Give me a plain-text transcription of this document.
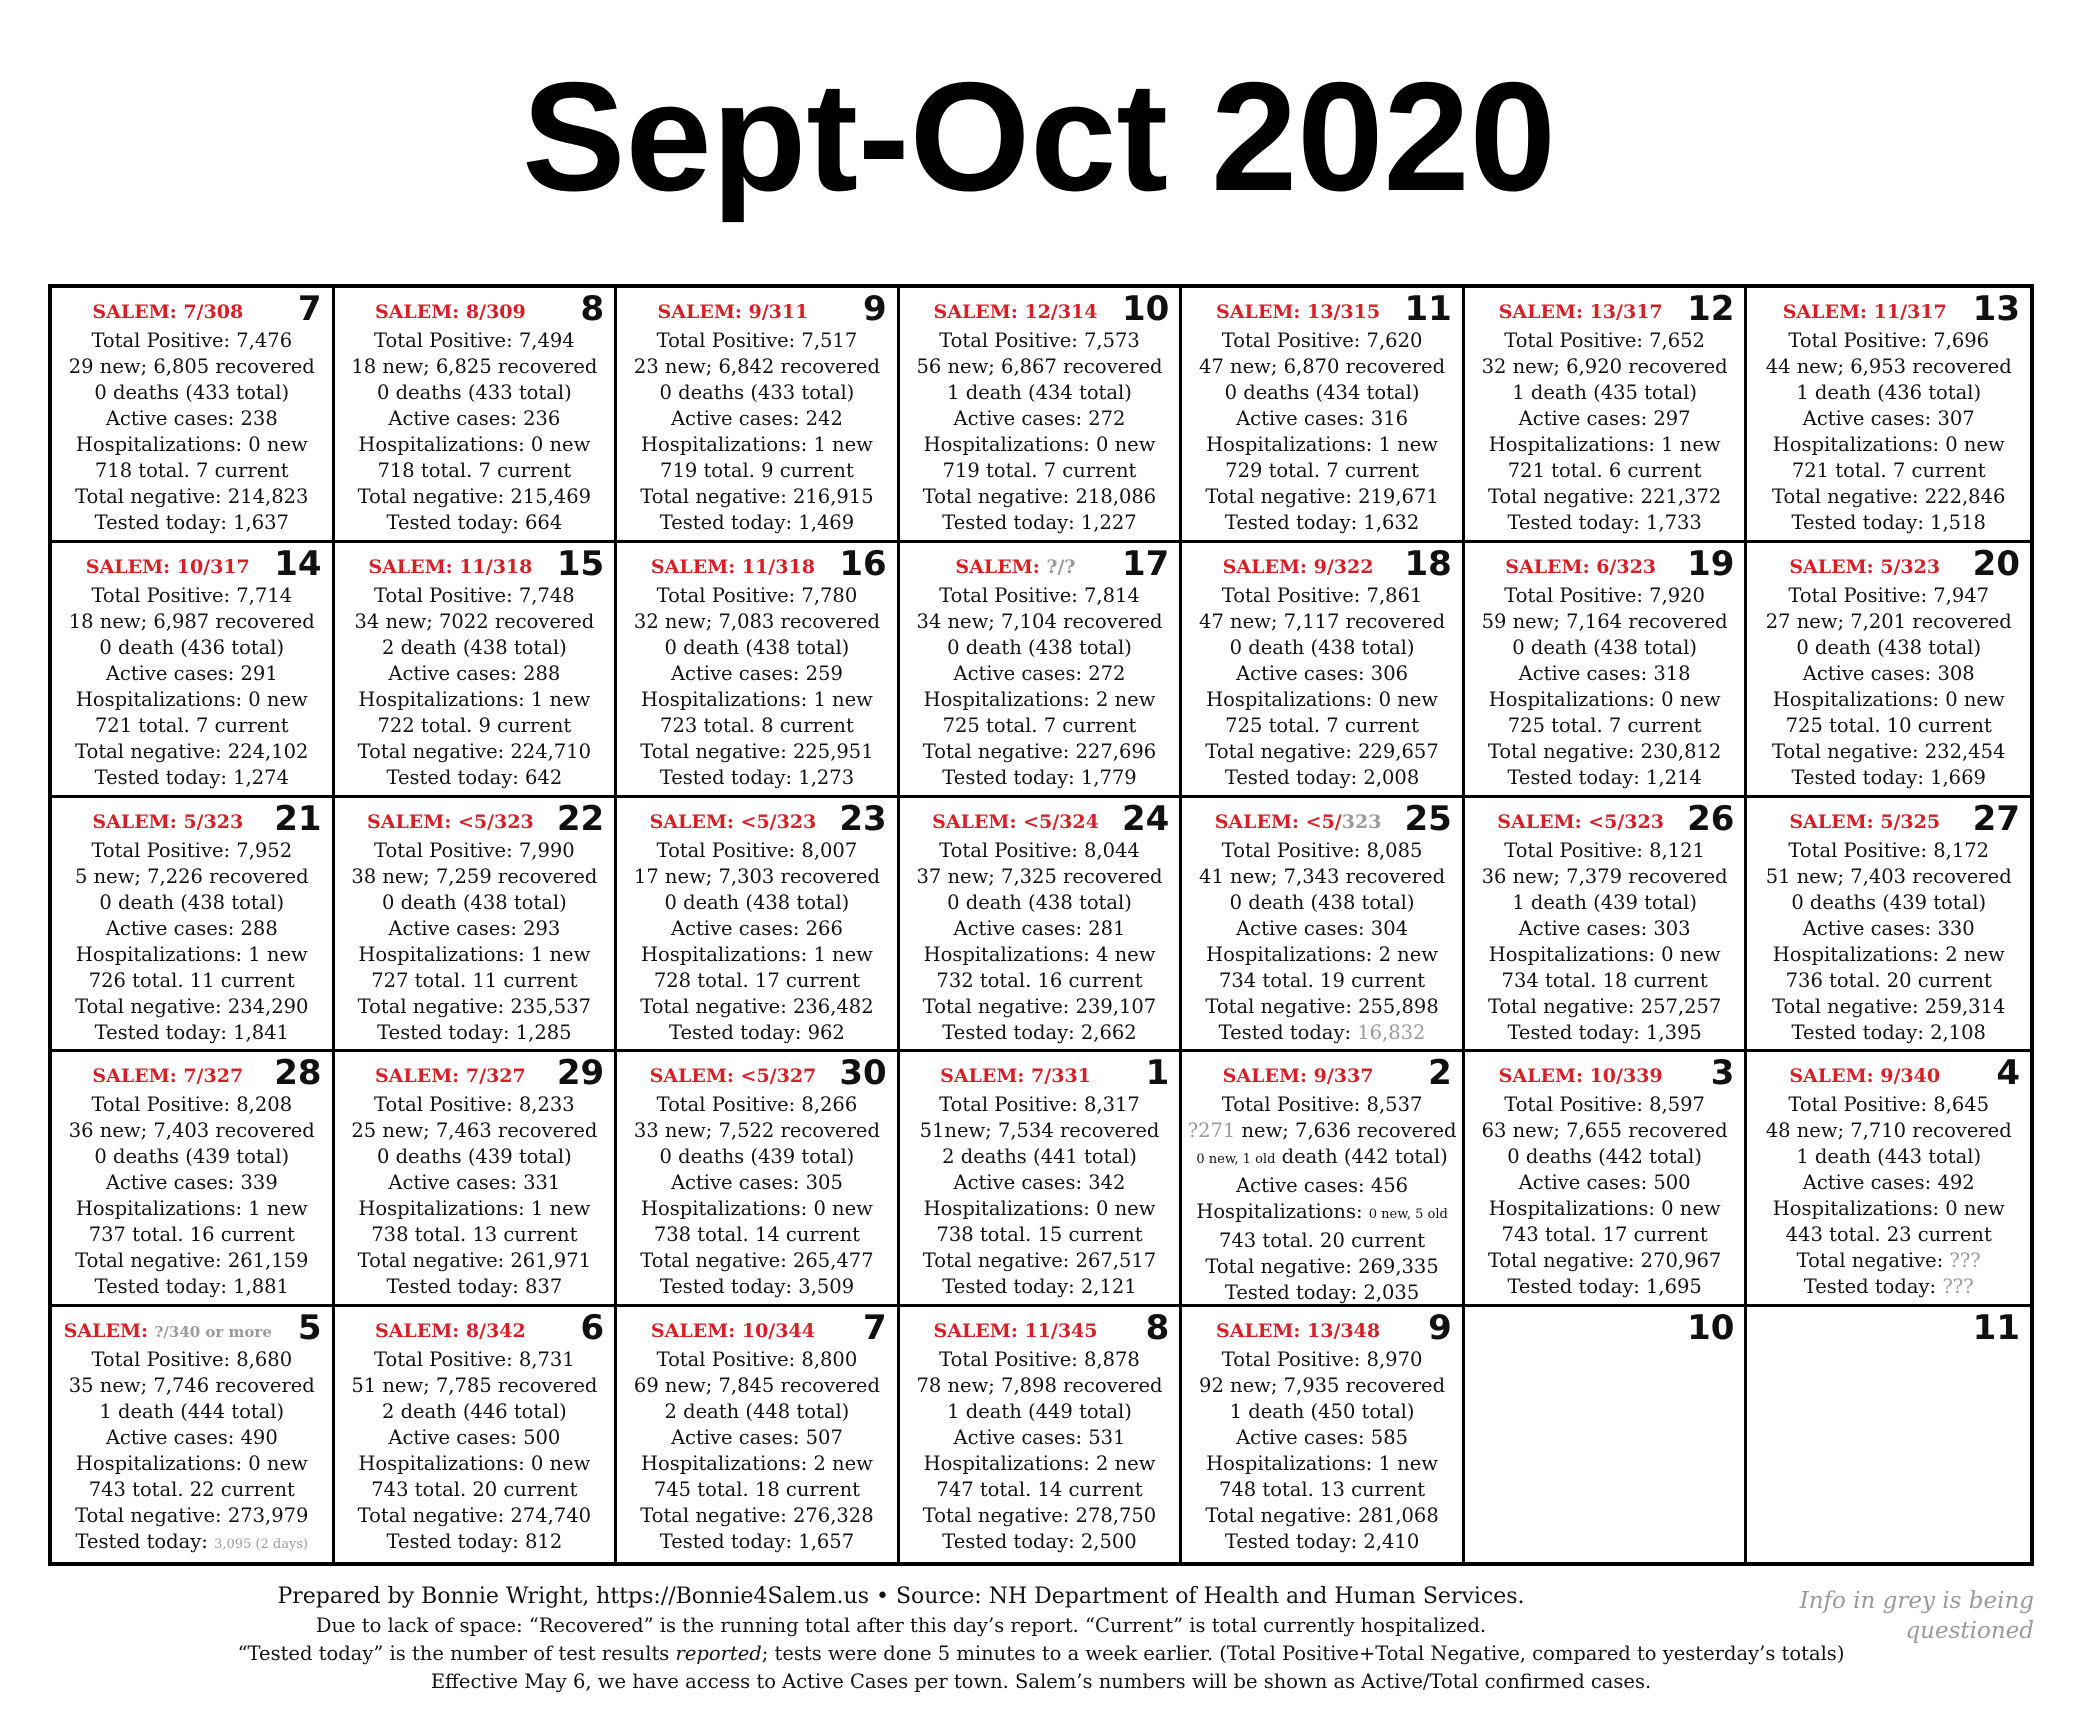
Sept-Oct 2020
SALEM: 7/308	7
Total Positive: 7,476
29 new; 6,805 recovered
0 deaths (433 total)
Active cases: 238
Hospitalizations: 0 new
718 total. 7 current
Total negative: 214,823
Tested today: 1,637
SALEM: 8/309	8
Total Positive: 7,494
18 new; 6,825 recovered
0 deaths (433 total)
Active cases: 236
Hospitalizations: 0 new
718 total. 7 current
Total negative: 215,469
Tested today: 664
SALEM: 9/311	9
Total Positive: 7,517
23 new; 6,842 recovered
0 deaths (433 total)
Active cases: 242
Hospitalizations: 1 new
719 total. 9 current
Total negative: 216,915
Tested today: 1,469
SALEM: 12/314 10
Total Positive: 7,573
56 new; 6,867 recovered
1 death (434 total)
Active cases: 272
Hospitalizations: 0 new
719 total. 7 current
Total negative: 218,086
Tested today: 1,227
SALEM: 13/315 11
Total Positive: 7,620
47 new; 6,870 recovered
0 deaths (434 total)
Active cases: 316
Hospitalizations: 1 new
729 total. 7 current
Total negative: 219,671
Tested today: 1,632
SALEM: 13/317 12
Total Positive: 7,652
32 new; 6,920 recovered
1 death (435 total)
Active cases: 297
Hospitalizations: 1 new
721 total. 6 current
Total negative: 221,372
Tested today: 1,733
SALEM: 11/317 13
Total Positive: 7,696
44 new; 6,953 recovered
1 death (436 total)
Active cases: 307
Hospitalizations: 0 new
721 total. 7 current
Total negative: 222,846
Tested today: 1,518
SALEM: 10/317 14
Total Positive: 7,714
18 new; 6,987 recovered
0 death (436 total)
Active cases: 291
Hospitalizations: 0 new
721 total. 7 current
Total negative: 224,102
Tested today: 1,274
SALEM: 11/318 15
Total Positive: 7,748
34 new; 7022 recovered
2 death (438 total)
Active cases: 288
Hospitalizations: 1 new
722 total. 9 current
Total negative: 224,710
Tested today: 642
SALEM: 11/318 16
Total Positive: 7,780
32 new; 7,083 recovered
0 death (438 total)
Active cases: 259
Hospitalizations: 1 new
723 total. 8 current
Total negative: 225,951
Tested today: 1,273
SALEM: ?/?	17
Total Positive: 7,814
34 new; 7,104 recovered
0 death (438 total)
Active cases: 272
Hospitalizations: 2 new
725 total. 7 current
Total negative: 227,696
Tested today: 1,779
SALEM: 9/322 18
Total Positive: 7,861
47 new; 7,117 recovered
0 death (438 total)
Active cases: 306
Hospitalizations: 0 new
725 total. 7 current
Total negative: 229,657
Tested today: 2,008
SALEM: 6/323 19
Total Positive: 7,920
59 new; 7,164 recovered
0 death (438 total)
Active cases: 318
Hospitalizations: 0 new
725 total. 7 current
Total negative: 230,812
Tested today: 1,214
SALEM: 5/323 20
Total Positive: 7,947
27 new; 7,201 recovered
0 death (438 total)
Active cases: 308
Hospitalizations: 0 new
725 total. 10 current
Total negative: 232,454
Tested today: 1,669
SALEM: 5/323 21
Total Positive: 7,952
5 new; 7,226 recovered
0 death (438 total)
Active cases: 288
Hospitalizations: 1 new
726 total. 11 current
Total negative: 234,290
Tested today: 1,841
SALEM: <5/323 22
Total Positive: 7,990
38 new; 7,259 recovered
0 death (438 total)
Active cases: 293
Hospitalizations: 1 new
727 total. 11 current
Total negative: 235,537
Tested today: 1,285
SALEM: <5/323 23
Total Positive: 8,007
17 new; 7,303 recovered
0 death (438 total)
Active cases: 266
Hospitalizations: 1 new
728 total. 17 current
Total negative: 236,482
Tested today: 962
SALEM: <5/324 24
Total Positive: 8,044
37 new; 7,325 recovered
0 death (438 total)
Active cases: 281
Hospitalizations: 4 new
732 total. 16 current
Total negative: 239,107
Tested today: 2,662
SALEM: <5/323 25
Total Positive: 8,085
41 new; 7,343 recovered
0 death (438 total)
Active cases: 304
Hospitalizations: 2 new
734 total. 19 current
Total negative: 255,898
Tested today: 16,832
SALEM: <5/323 26
Total Positive: 8,121
36 new; 7,379 recovered
1 death (439 total)
Active cases: 303
Hospitalizations: 0 new
734 total. 18 current
Total negative: 257,257
Tested today: 1,395
SALEM: 5/325 27
Total Positive: 8,172
51 new; 7,403 recovered
0 deaths (439 total)
Active cases: 330
Hospitalizations: 2 new
736 total. 20 current
Total negative: 259,314
Tested today: 2,108
SALEM: 7/327 28
Total Positive: 8,208
36 new; 7,403 recovered
0 deaths (439 total)
Active cases: 339
Hospitalizations: 1 new
737 total. 16 current
Total negative: 261,159
Tested today: 1,881
SALEM: 7/327 29
Total Positive: 8,233
25 new; 7,463 recovered
0 deaths (439 total)
Active cases: 331
Hospitalizations: 1 new
738 total. 13 current
Total negative: 261,971
Tested today: 837
SALEM: <5/327 30
Total Positive: 8,266
33 new; 7,522 recovered
0 deaths (439 total)
Active cases: 305
Hospitalizations: 0 new
738 total. 14 current
Total negative: 265,477
Tested today: 3,509
SALEM: 7/331	1
Total Positive: 8,317
51new; 7,534 recovered
2 deaths (441 total)
Active cases: 342
Hospitalizations: 0 new
738 total. 15 current
Total negative: 267,517
Tested today: 2,121
SALEM: 9/337	2
Total Positive: 8,537
?271 new; 7,636 recovered
0 new, 1 old death (442 total)
Active cases: 456
Hospitalizations: 0 new, 5 old
743 total. 20 current
Total negative: 269,335
Tested today: 2,035
SALEM: 10/339	3
Total Positive: 8,597
63 new; 7,655 recovered
0 deaths (442 total)
Active cases: 500
Hospitalizations: 0 new
743 total. 17 current
Total negative: 270,967
Tested today: 1,695
SALEM: 9/340	4
Total Positive: 8,645
48 new; 7,710 recovered
1 death (443 total)
Active cases: 492
Hospitalizations: 0 new
443 total. 23 current
Total negative: ???
Tested today: ???
SALEM: ?/340 or more 5
Total Positive: 8,680
35 new; 7,746 recovered
1 death (444 total)
Active cases: 490
Hospitalizations: 0 new
743 total. 22 current
Total negative: 273,979
Tested today: 3,095 (2 days)
SALEM: 8/342	6
Total Positive: 8,731
51 new; 7,785 recovered
2 death (446 total)
Active cases: 500
Hospitalizations: 0 new
743 total. 20 current
Total negative: 274,740
Tested today: 812
SALEM: 10/344	7
Total Positive: 8,800
69 new; 7,845 recovered
2 death (448 total)
Active cases: 507
Hospitalizations: 2 new
745 total. 18 current
Total negative: 276,328
Tested today: 1,657
SALEM: 11/345	8
Total Positive: 8,878
78 new; 7,898 recovered
1 death (449 total)
Active cases: 531
Hospitalizations: 2 new
747 total. 14 current
Total negative: 278,750
Tested today: 2,500
SALEM: 13/348	9
Total Positive: 8,970
92 new; 7,935 recovered
1 death (450 total)
Active cases: 585
Hospitalizations: 1 new
748 total. 13 current
Total negative: 281,068
Tested today: 2,410
10	11
Prepared by Bonnie Wright, https://Bonnie4Salem.us • Source: NH Department of Health and Human Services.
Due to lack of space: “Recovered” is the running total after this day’s report. “Current” is total currently hospitalized.
“Tested today” is the number of test results reported; tests were done 5 minutes to a week earlier. (Total Positive+Total Negative, compared to yesterday’s totals)
Effective May 6, we have access to Active Cases per town. Salem’s numbers will be shown as Active/Total confirmed cases.
Info in grey is being questioned
